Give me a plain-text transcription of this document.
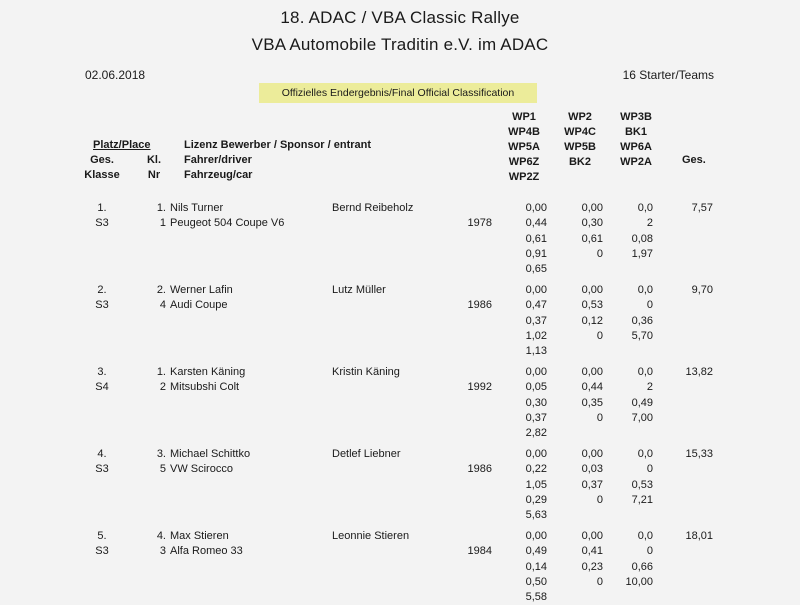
18. ADAC / VBA Classic Rallye
VBA Automobile Traditin e.V. im ADAC
02.06.2018	16 Starter/Teams
Offizielles Endergebnis/Final Official Classification
Platz/Place
Ges.
Klasse
Kl.
Nr
Lizenz Bewerber / Sponsor / entrant
Fahrer/driver
Fahrzeug/car
WP1
WP4B
WP5A
WP6Z
WP2Z
WP2
WP4C
WP5B
BK2
WP3B
BK1
WP6A
WP2A	Ges.
1.
S3
1.
1
Nils Turner
Peugeot 504 Coupe V6
Bernd Reibeholz
1978
0,00
0,44
0,61
0,91
0,65
0,00
0,30
0,61
0
0,0
2
0,08
1,97
7,57
2.
S3
2.
4
Werner Lafin
Audi Coupe
Lutz Müller
1986
0,00
0,47
0,37
1,02
1,13
0,00
0,53
0,12
0
0,0
0
0,36
5,70
9,70
3.
S4
1.
2
Karsten Käning
Mitsubshi Colt
Kristin Käning
1992
0,00
0,05
0,30
0,37
2,82
0,00
0,44
0,35
0
0,0
2
0,49
7,00
13,82
4.
S3
3.
5
Michael Schittko
VW Scirocco
Detlef Liebner
1986
0,00
0,22
1,05
0,29
5,63
0,00
0,03
0,37
0
0,0
0
0,53
7,21
15,33
5.
S3
4.
3
Max Stieren
Alfa Romeo 33
Leonnie Stieren
1984
0,00
0,49
0,14
0,50
5,58
0,00
0,41
0,23
0
0,0
0
0,66
10,00
18,01
